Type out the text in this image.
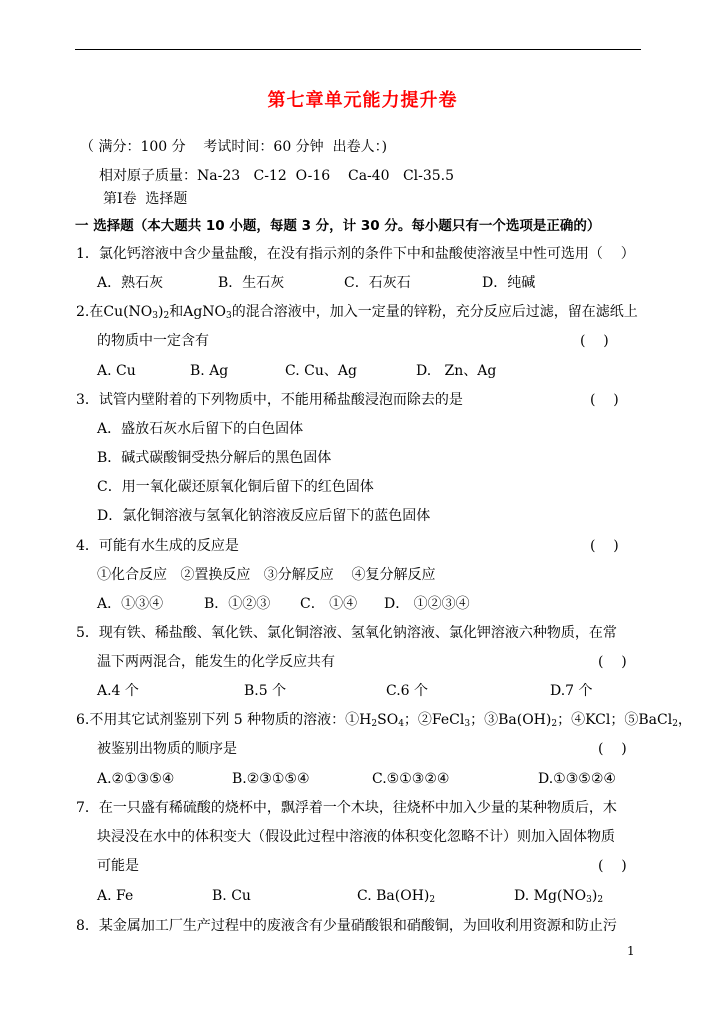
第七章单元能力提升卷
（ 满分：100 分    考试时间：60 分钟  出卷人：)
相对原子质量：Na-23   C-12  O-16    Ca-40   Cl-35.5
第Ⅰ卷  选择题
一 选择题（本大题共 10 小题，每题 3 分，计 30 分。每小题只有一个选项是正确的）
1．氯化钙溶液中含少量盐酸，在没有指示剂的条件下中和盐酸使溶液呈中性可选用（    ）
A．熟石灰	B．生石灰	C．石灰石	D．纯碱
2.在$Cu(NO_3)_2$和AgNO$_3$的混合溶液中，加入一定量的锌粉，充分反应后过滤，留在滤纸上
的物质中一定含有	(    )
A. Cu	B. Ag	C. Cu、Ag	D.   Zn、Ag
3．试管内壁附着的下列物质中，不能用稀盐酸浸泡而除去的是	(    )
A．盛放石灰水后留下的白色固体
B．碱式碳酸铜受热分解后的黑色固体
C．用一氧化碳还原氧化铜后留下的红色固体
D．氯化铜溶液与氢氧化钠溶液反应后留下的蓝色固体
4．可能有水生成的反应是	(    )
①化合反应   ②置换反应   ③分解反应    ④复分解反应
A．①③④	B．①②③ C． ①④ D． ①②③④
5．现有铁、稀盐酸、氧化铁、氯化铜溶液、氢氧化钠溶液、氯化钾溶液六种物质，在常
温下两两混合，能发生的化学反应共有	(    )
A.4 个	B.5 个	C.6 个	D.7 个
6.不用其它试剂鉴别下列 5 种物质的溶液：$①H_2SO_4$；②FeCl$_3$；$③Ba(OH)_2$；④KCl；⑤BaCl$_2$，
被鉴别出物质的顺序是	(    )
A.②①③⑤④	B.②③①⑤④	C.⑤①③②④	D.①③⑤②④
7．在一只盛有稀硫酸的烧杯中，飘浮着一个木块，往烧杯中加入少量的某种物质后，木
块浸没在水中的体积变大（假设此过程中溶液的体积变化忽略不计）则加入固体物质
可能是	(    )
A. Fe	B. Cu	C. $Ba(OH)_2$	D. $Mg(NO_3)_2$
8．某金属加工厂生产过程中的废液含有少量硝酸银和硝酸铜，为回收利用资源和防止污
1
